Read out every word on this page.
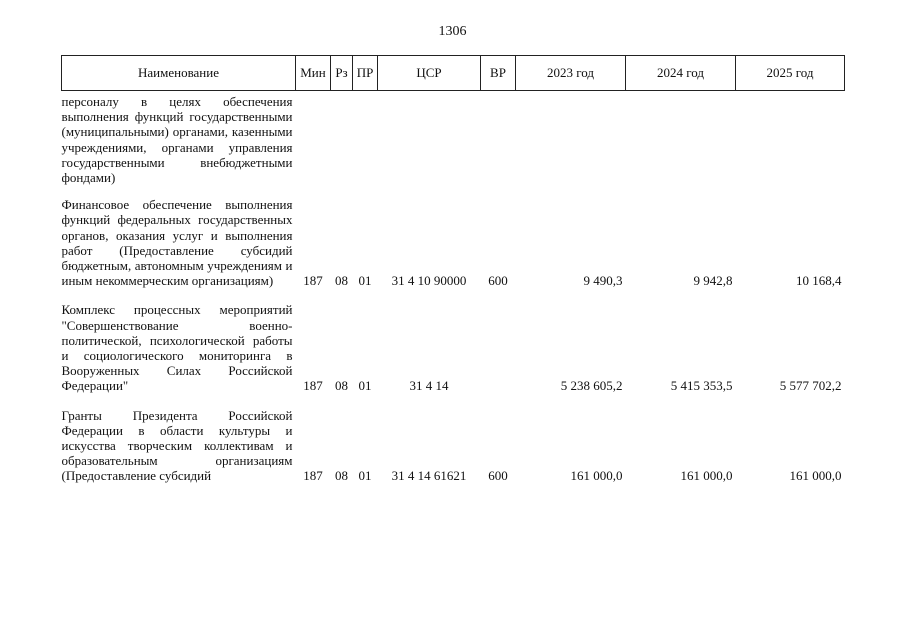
1306
Наименование	Мин	Рз	ПР	ЦСР	ВР	2023 год	2024 год	2025 год

персоналу в целях обеспечения выполнения функций государственными (муниципальными) органами, казенными учреждениями, органами управления государственными внебюджетными фондами)								

Финансовое обеспечение выполнения функций федеральных государственных органов, оказания услуг и выполнения работ (Предоставление субсидий бюджетным, автономным учреждениям и иным некоммерческим организациям)	187	08	01	31 4 10 90000	600	9 490,3	9 942,8	10 168,4

Комплекс процессных мероприятий "Совершенствование военно-политической, психологической работы и социологического мониторинга в Вооруженных Силах Российской Федерации"	187	08	01	31 4 14		5 238 605,2	5 415 353,5	5 577 702,2

Гранты Президента Российской Федерации в области культуры и искусства творческим коллективам и образовательным организациям (Предоставление субсидий	187	08	01	31 4 14 61621	600	161 000,0	161 000,0	161 000,0
